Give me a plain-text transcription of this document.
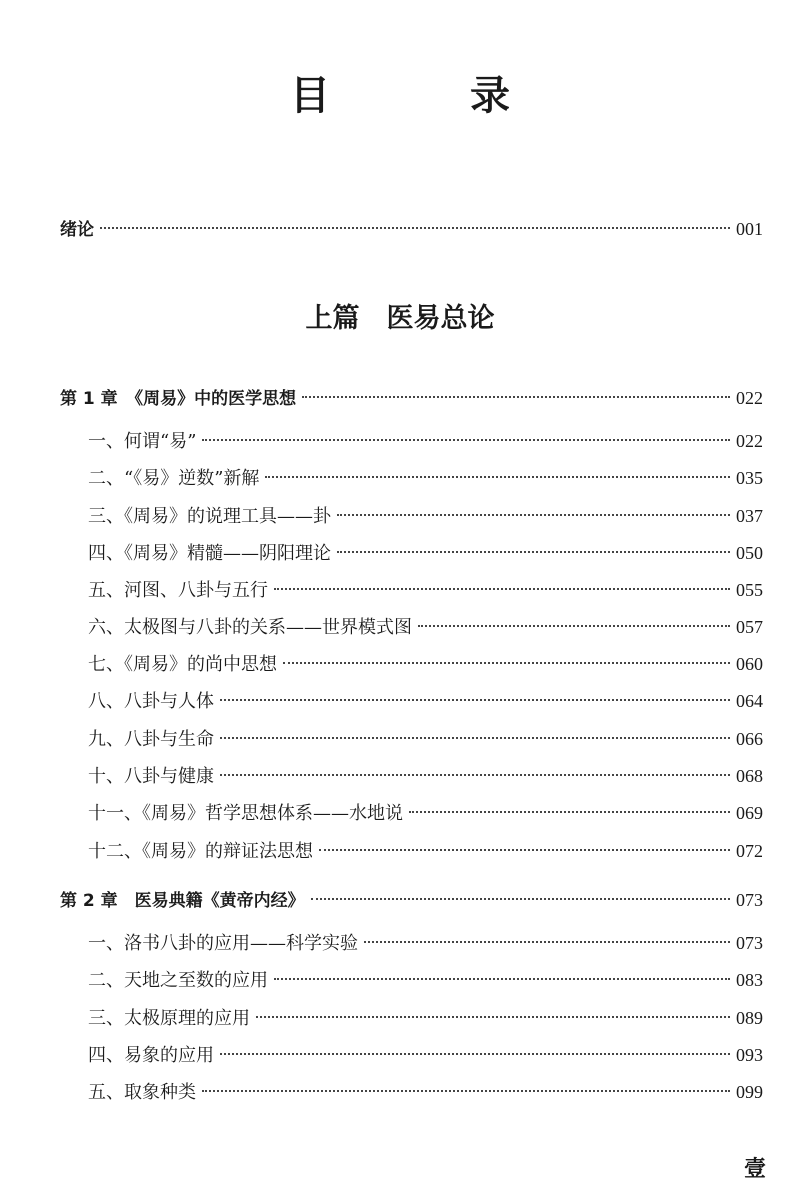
目　录
绪论	001
上篇　医易总论
第 1 章　《周易》中的医学思想	022
一、何谓“易”	022
二、“《易》逆数”新解	035
三、《周易》的说理工具——卦	037
四、《周易》精髓——阴阳理论	050
五、河图、八卦与五行	055
六、太极图与八卦的关系——世界模式图	057
七、《周易》的尚中思想	060
八、八卦与人体	064
九、八卦与生命	066
十、八卦与健康	068
十一、《周易》哲学思想体系——水地说	069
十二、《周易》的辩证法思想	072
第 2 章　医易典籍《黄帝内经》	073
一、洛书八卦的应用——科学实验	073
二、天地之至数的应用	083
三、太极原理的应用	089
四、易象的应用	093
五、取象种类	099
壹
